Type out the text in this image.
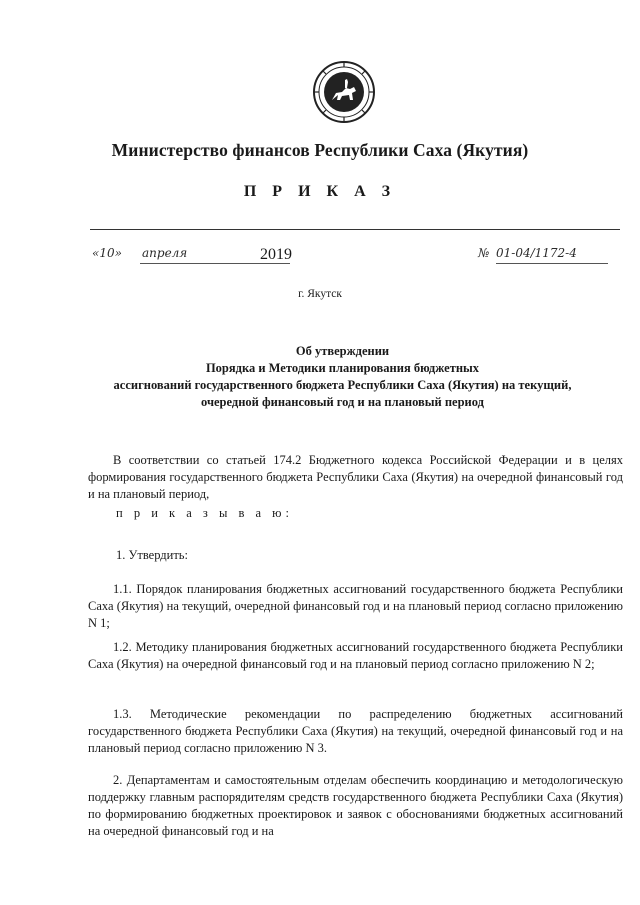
Министерство финансов Республики Саха (Якутия)
П Р И К А З
«10» апреля	2019	№ 01-04/1172-4
г. Якутск
Об утверждении
Порядка и Методики планирования бюджетных
ассигнований государственного бюджета Республики Саха (Якутия) на текущий,
очередной финансовый год и на плановый период
В соответствии со статьей 174.2 Бюджетного кодекса Российской Федерации и в целях формирования государственного бюджета Республики Саха (Якутия) на очередной финансовый год и на плановый период,
п р и к а з ы в а ю:
1. Утвердить:
1.1. Порядок планирования бюджетных ассигнований государственного бюджета Республики Саха (Якутия) на текущий, очередной финансовый год и на плановый период согласно приложению N 1;
1.2. Методику планирования бюджетных ассигнований государственного бюджета Республики Саха (Якутия) на очередной финансовый год и на плановый период согласно приложению N 2;
1.3. Методические рекомендации по распределению бюджетных ассигнований государственного бюджета Республики Саха (Якутия) на текущий, очередной финансовый год и на плановый период согласно приложению N 3.
2. Департаментам и самостоятельным отделам обеспечить координацию и методологическую поддержку главным распорядителям средств государственного бюджета Республики Саха (Якутия) по формированию бюджетных проектировок и заявок с обоснованиями бюджетных ассигнований на очередной финансовый год и на
